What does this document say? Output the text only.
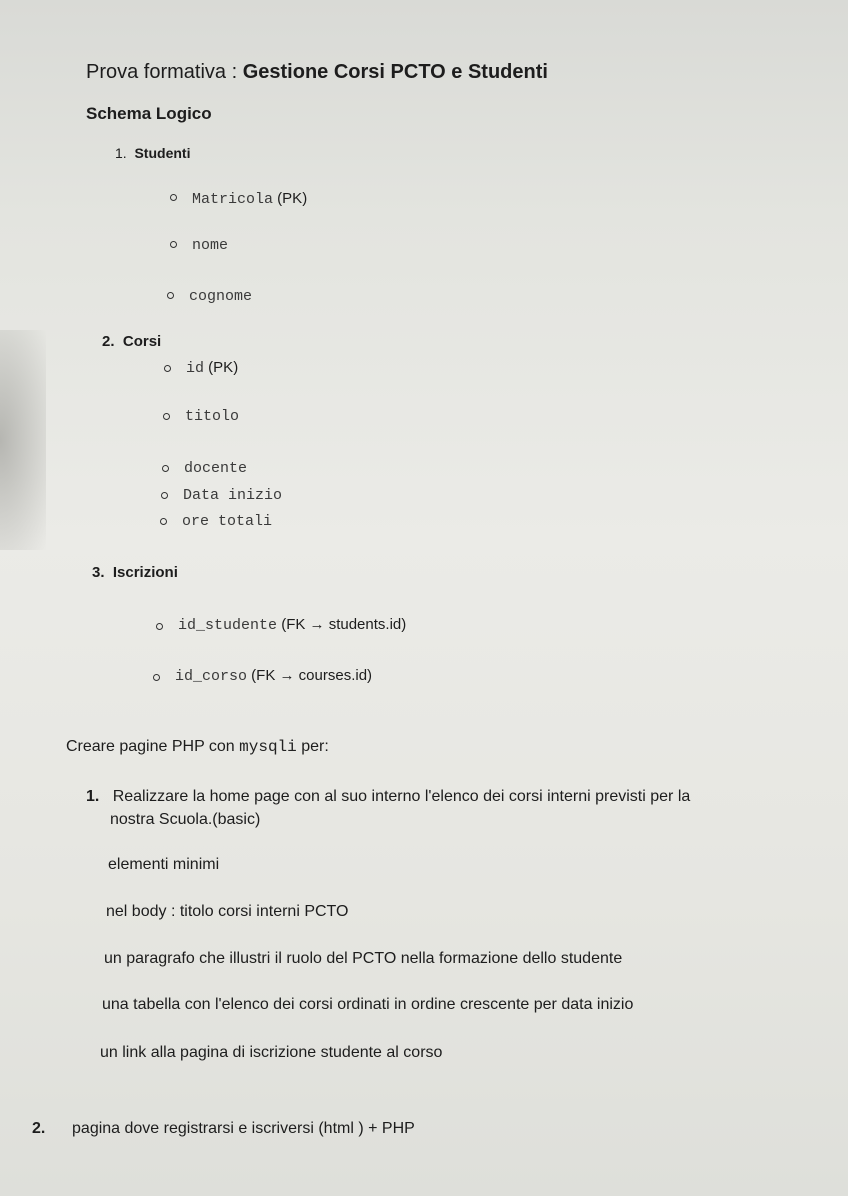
Prova formativa : Gestione Corsi PCTO e Studenti
Schema Logico
1. Studenti
Matricola (PK)
nome
cognome
2. Corsi
id (PK)
titolo
docente
Data inizio
ore totali
3. Iscrizioni
id_studente (FK → students.id)
id_corso (FK → courses.id)
Creare pagine PHP con mysqli per:
1. Realizzare la home page con al suo interno l'elenco dei corsi interni previsti per la
nostra Scuola.(basic)
elementi minimi
nel body : titolo corsi interni PCTO
un paragrafo che illustri il ruolo del PCTO nella formazione dello studente
una tabella con l'elenco dei corsi ordinati in ordine crescente per data inizio
un link alla pagina di iscrizione studente al corso
2. pagina dove registrarsi e iscriversi (html ) + PHP
